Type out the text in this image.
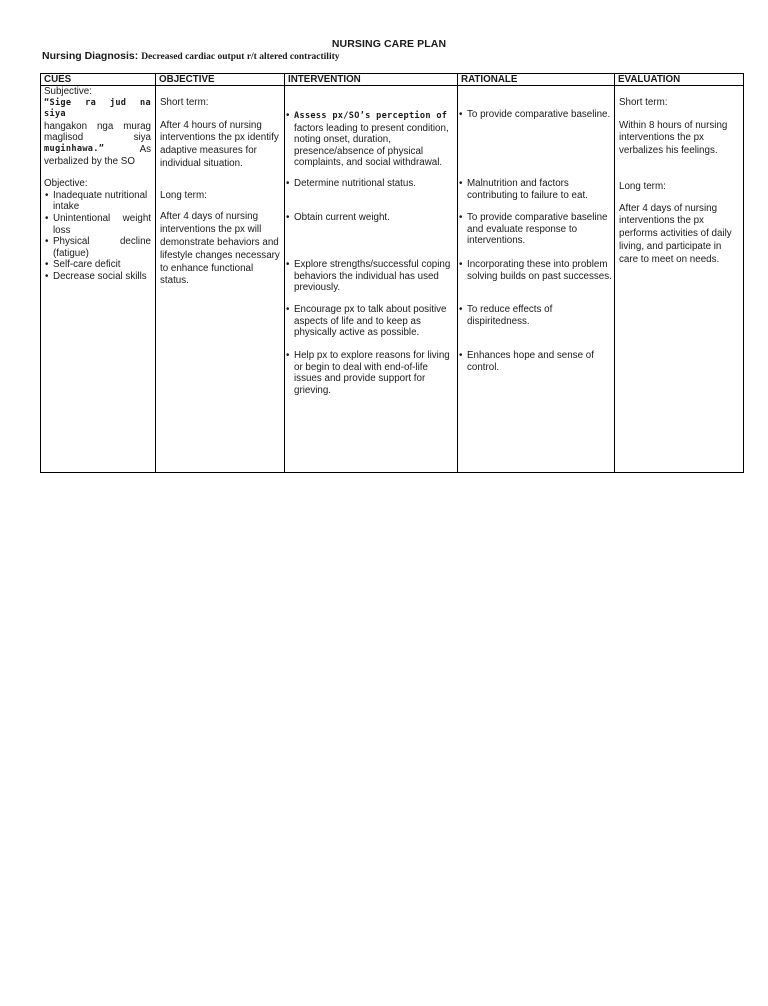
NURSING CARE PLAN
Nursing Diagnosis: Decreased cardiac output r/t altered contractility
CUES
Subjective:
“Sige ra jud na siya
hangakon nga murag
maglisod	siya
muginhawa.”	As
verbalized by the SO
Objective:
• Inadequate nutritional intake
• Unintentional weight loss
• Physical decline (fatigue)
• Self-care deficit
• Decrease social skills
OBJECTIVE
Short term:
After 4 hours of nursing interventions the px identify adaptive measures for individual situation.
Long term:
After 4 days of nursing interventions the px will demonstrate behaviors and lifestyle changes necessary to enhance functional status.
INTERVENTION
• Assess px/SO’s perception of factors leading to present condition, noting onset, duration, presence/absence of physical complaints, and social withdrawal.
• Determine nutritional status.
• Obtain current weight.
• Explore strengths/successful coping behaviors the individual has used previously.
• Encourage px to talk about positive aspects of life and to keep as physically active as possible.
• Help px to explore reasons for living or begin to deal with end-of-life issues and provide support for grieving.
RATIONALE
• To provide comparative baseline.
• Malnutrition and factors contributing to failure to eat.
• To provide comparative baseline and evaluate response to interventions.
• Incorporating these into problem solving builds on past successes.
• To reduce effects of dispiritedness.
• Enhances hope and sense of control.
EVALUATION
Short term:
Within 8 hours of nursing interventions the px verbalizes his feelings.
Long term:
After 4 days of nursing interventions the px performs activities of daily living, and participate in care to meet on needs.
